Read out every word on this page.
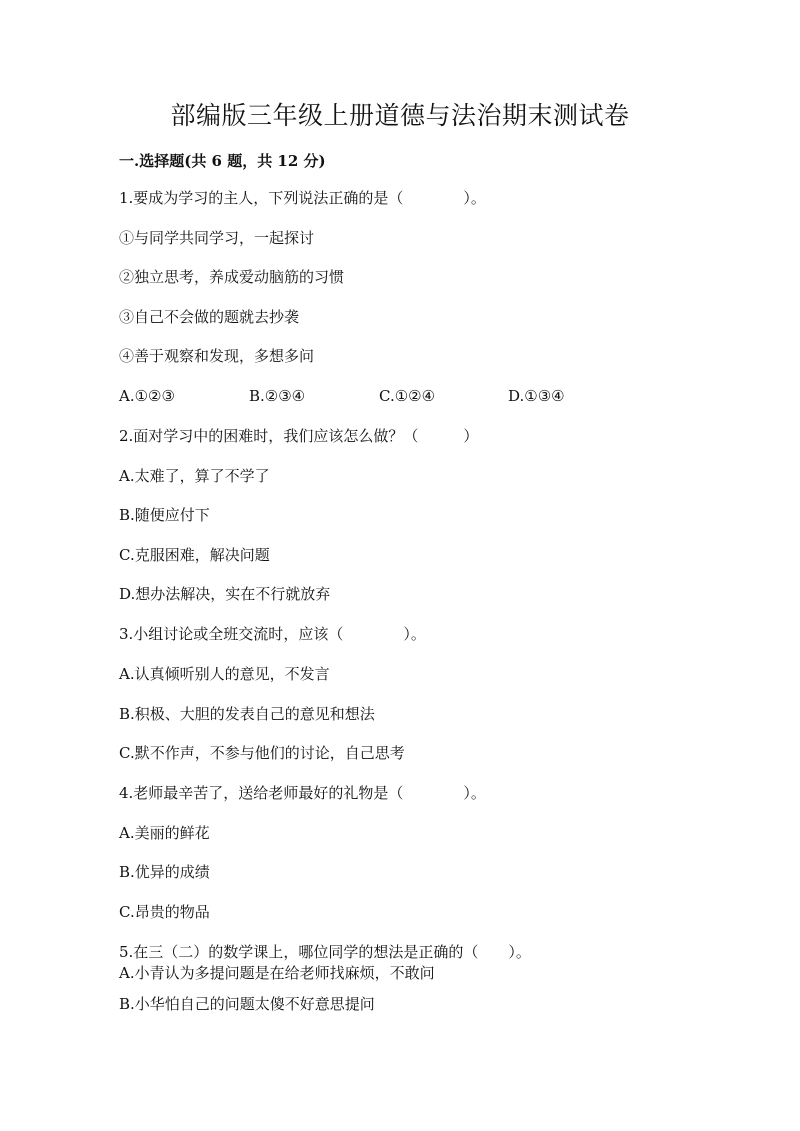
部编版三年级上册道德与法治期末测试卷

一.选择题(共 6 题，共 12 分)

1.要成为学习的主人，下列说法正确的是（　　　　）。

①与同学共同学习，一起探讨

②独立思考，养成爱动脑筋的习惯

③自己不会做的题就去抄袭

④善于观察和发现，多想多问

A.①②③	B.②③④	C.①②④	D.①③④

2.面对学习中的困难时，我们应该怎么做？（　　　）

A.太难了，算了不学了

B.随便应付下

C.克服困难，解决问题

D.想办法解决，实在不行就放弃

3.小组讨论或全班交流时，应该（　　　　）。

A.认真倾听别人的意见，不发言

B.积极、大胆的发表自己的意见和想法

C.默不作声，不参与他们的讨论，自己思考

4.老师最辛苦了，送给老师最好的礼物是（　　　　）。

A.美丽的鲜花

B.优异的成绩

C.昂贵的物品

5.在三（二）的数学课上，哪位同学的想法是正确的（　　）。

A.小青认为多提问题是在给老师找麻烦，不敢问

B.小华怕自己的问题太傻不好意思提问
